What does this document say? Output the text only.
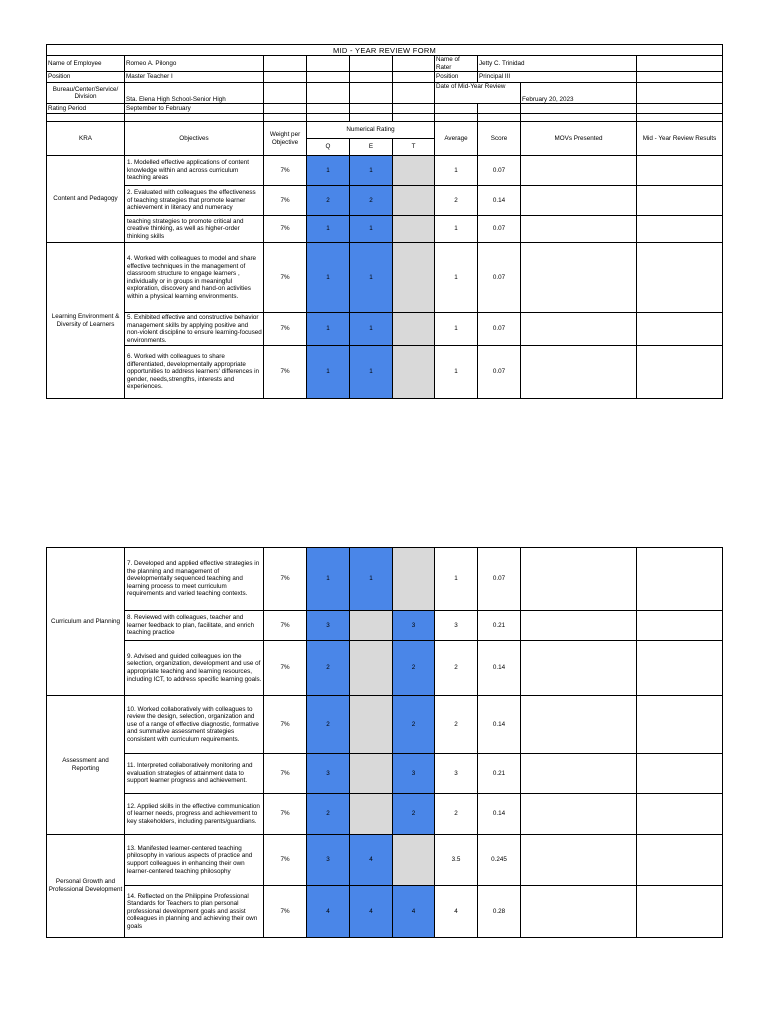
MID - YEAR REVIEW FORM									
Name of Employee	Romeo A. Pilongo					Name of Rater	Jetty C. Trinidad		
Position	Master Teacher I					Position	Principal III		
Bureau/Center/Service/ Division	Sta. Elena High School-Senior High					Date of Mid-Year Review		February 20, 2023	
Rating Period	September to February								

KRA	Objectives	Weight per Objective	Numerical Rating			Average	Score	MOVs Presented	Mid - Year Review Results
			Q	E	T				
Content and Pedagogy	1. Modelled effective applications of content knowledge within and across curriculum teaching areas	7%	1	1		1	0.07		
	2. Evaluated with colleagues the effectiveness of teaching strategies that promote learner achievement in literacy and numeracy	7%	2	2		2	0.14		
	teaching strategies to promote critical and creative thinking, as well as higher-order thinking skills	7%	1	1		1	0.07		
Learning Environment & Diversity of Learners	4. Worked with colleagues to model and share effective techniques in the management of classroom structure to engage learners , individually or in groups in meaningful exploration, discovery and hand-on activities within a physical learning environments.	7%	1	1		1	0.07		
	5. Exhibited effective and constructive behavior management skills by applying positive and non-violent discipline to ensure learning-focused environments.	7%	1	1		1	0.07		
	6. Worked with colleagues to share differentiated, developmentally appropriate opportunities to address learners' differences in gender, needs,strengths, interests and experiences.	7%	1	1		1	0.07		
Curriculum and Planning	7. Developed and applied effective strategies in the planning and management of developmentally sequenced teaching and learning process to meet curriculum requirements and varied teaching contexts.	7%	1	1		1	0.07		
	8. Reviewed with colleagues, teacher and learner feedback to plan, facilitate, and enrich teaching practice	7%	3		3	3	0.21		
	9. Advised and guided colleagues ion the selection, organization, development and use of appropriate teaching and learning resources, including ICT, to address specific learning goals.	7%	2		2	2	0.14		
Assessment and Reporting	10. Worked collaboratively with colleagues to review the design, selection, organization and use of a range of effective diagnostic, formative and summative assessment strategies consistent with curriculum requirements.	7%	2		2	2	0.14		
	11. Interpreted collaboratively monitoring and evaluation strategies of attainment data to support learner progress and achievement.	7%	3		3	3	0.21		
	12. Applied skills in the effective communication of learner needs, progress and achievement to key stakeholders, including parents/guardians.	7%	2		2	2	0.14		
Personal Growth and Professional Development	13. Manifested learner-centered teaching philosophy in various aspects of practice and support colleagues in enhancing their own learner-centered teaching philosophy	7%	3	4		3.5	0.245		
	14. Reflected on the Philippine Professional Standards for Teachers to plan personal professional development goals and assist colleagues in planning and achieving their own goals	7%	4	4	4	4	0.28		
